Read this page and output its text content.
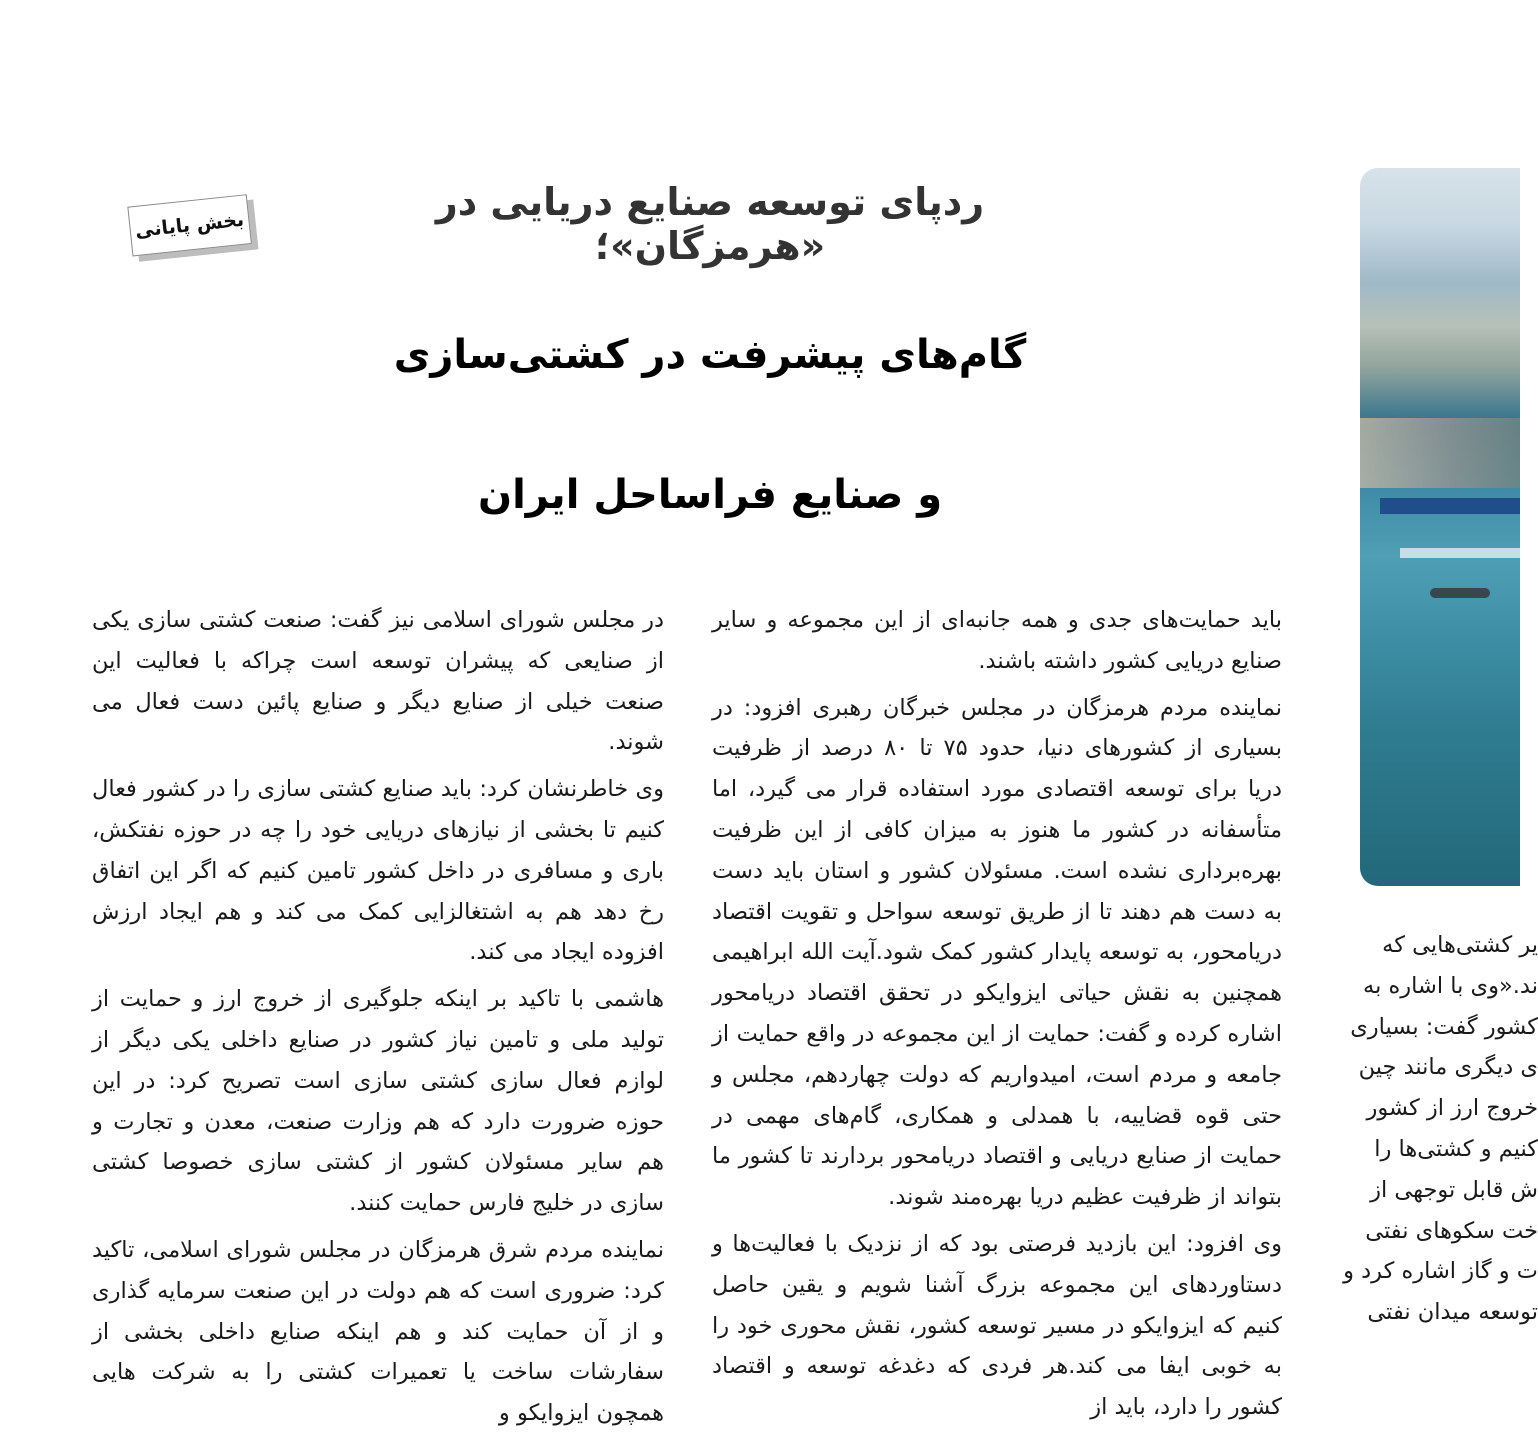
ردپای توسعه صنایع دریایی در «هرمزگان»؛
بخش پایانی
گام‌های پیشرفت در کشتی‌سازی
و صنایع فراساحل ایران

باید حمایت‌های جدی و همه جانبه‌ای از این مجموعه و سایر صنایع دریایی کشور داشته باشند.

نماینده مردم هرمزگان در مجلس خبرگان رهبری افزود: در بسیاری از کشورهای دنیا، حدود ۷۵ تا ۸۰ درصد از ظرفیت دریا برای توسعه اقتصادی مورد استفاده قرار می گیرد، اما متأسفانه در کشور ما هنوز به میزان کافی از این ظرفیت بهره‌برداری نشده است. مسئولان کشور و استان باید دست به دست هم دهند تا از طریق توسعه سواحل و تقویت اقتصاد دریامحور، به توسعه پایدار کشور کمک شود.آیت الله ابراهیمی همچنین به نقش حیاتی ایزوایکو در تحقق اقتصاد دریامحور اشاره کرده و گفت: حمایت از این مجموعه در واقع حمایت از جامعه و مردم است، امیدواریم که دولت چهاردهم، مجلس و حتی قوه قضاییه، با همدلی و همکاری، گام‌های مهمی در حمایت از صنایع دریایی و اقتصاد دریامحور بردارند تا کشور ما بتواند از ظرفیت عظیم دریا بهره‌مند شوند.

وی افزود: این بازدید فرصتی بود که از نزدیک با فعالیت‌ها و دستاوردهای این مجموعه بزرگ آشنا شویم و یقین حاصل کنیم که ایزوایکو در مسیر توسعه کشور، نقش محوری خود را به خوبی ایفا می کند.هر فردی که دغدغه توسعه و اقتصاد کشور را دارد، باید از

در مجلس شورای اسلامی نیز گفت: صنعت کشتی سازی یکی از صنایعی که پیشران توسعه است چراکه با فعالیت این صنعت خیلی از صنایع دیگر و صنایع پائین دست فعال می شوند.

وی خاطرنشان کرد: باید صنایع کشتی سازی را در کشور فعال کنیم تا بخشی از نیازهای دریایی خود را چه در حوزه نفتکش، باری و مسافری در داخل کشور تامین کنیم که اگر این اتفاق رخ دهد هم به اشتغالزایی کمک می کند و هم ایجاد ارزش افزوده ایجاد می کند.

هاشمی با تاکید بر اینکه جلوگیری از خروج ارز و حمایت از تولید ملی و تامین نیاز کشور در صنایع داخلی یکی دیگر از لوازم فعال سازی کشتی سازی است تصریح کرد: در این حوزه ضرورت دارد که هم وزارت صنعت، معدن و تجارت و هم سایر مسئولان کشور از کشتی سازی خصوصا کشتی سازی در خلیج فارس حمایت کنند.

نماینده مردم شرق هرمزگان در مجلس شورای اسلامی، تاکید کرد: ضروری است که هم دولت در این صنعت سرمایه گذاری و از آن حمایت کند و هم اینکه صنایع داخلی بخشی از سفارشات ساخت یا تعمیرات کشتی را به شرکت هایی همچون ایزوایکو و

یر کشتی‌هایی که
ند.«وی با اشاره به
کشور گفت: بسیاری
ی دیگری مانند چین
خروج ارز از کشور
کنیم و کشتی‌ها را
ش قابل توجهی از
خت سکوهای نفتی
ت و گاز اشاره کرد و
توسعه میدان نفتی
